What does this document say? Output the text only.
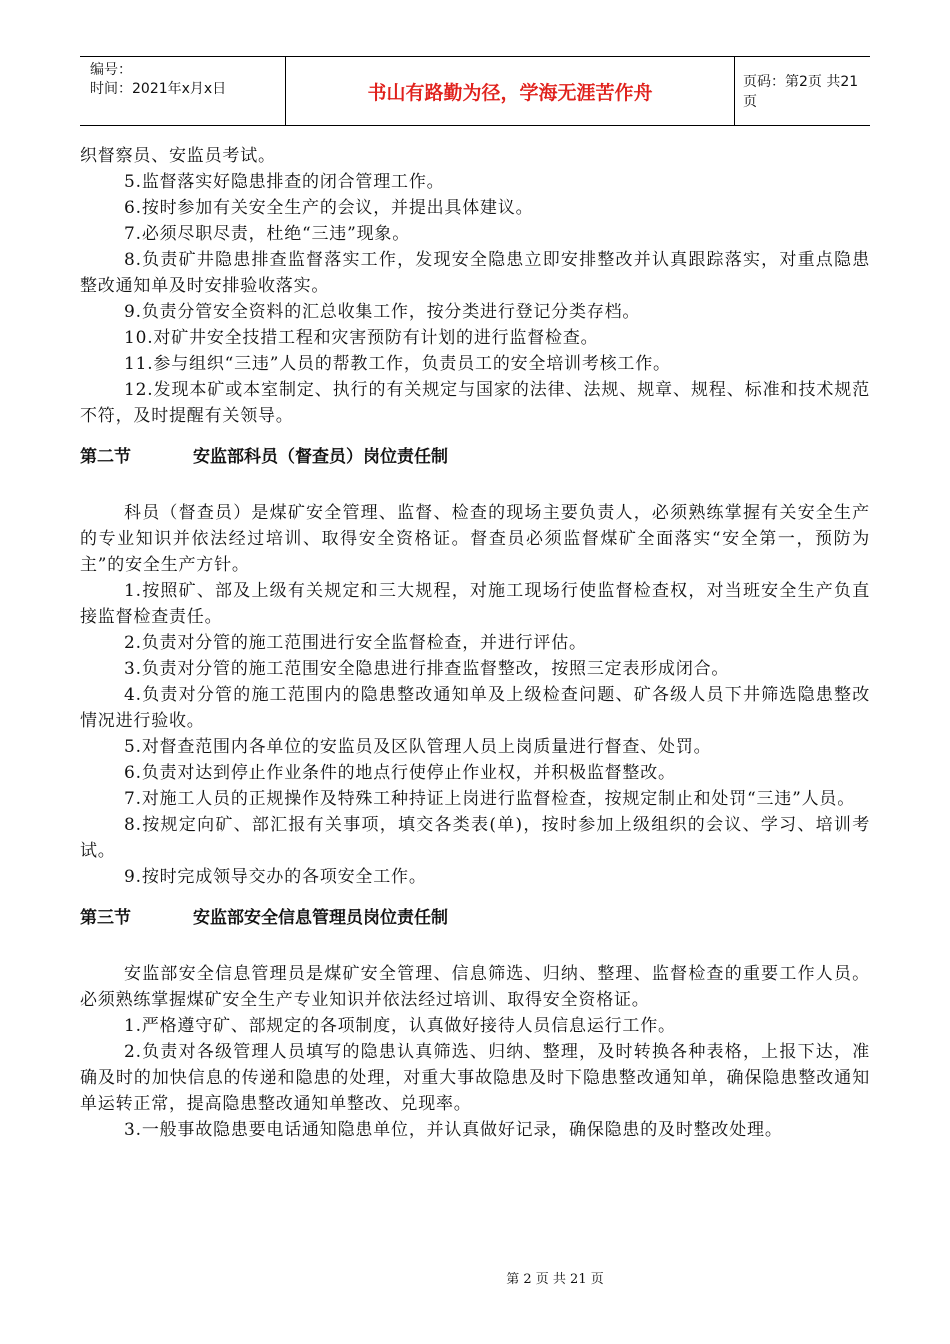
编号：
时间：2021年x月x日	书山有路勤为径，学海无涯苦作舟	页码：第2页 共21页

织督察员、安监员考试。

5.监督落实好隐患排查的闭合管理工作。

6.按时参加有关安全生产的会议，并提出具体建议。

7.必须尽职尽责，杜绝“三违”现象。

8.负责矿井隐患排查监督落实工作，发现安全隐患立即安排整改并认真跟踪落实，对重点隐患整改通知单及时安排验收落实。

9.负责分管安全资料的汇总收集工作，按分类进行登记分类存档。

10.对矿井安全技措工程和灾害预防有计划的进行监督检查。

11.参与组织“三违”人员的帮教工作，负责员工的安全培训考核工作。

12.发现本矿或本室制定、执行的有关规定与国家的法律、法规、规章、规程、标准和技术规范不符，及时提醒有关领导。

第二节	安监部科员（督查员）岗位责任制

科员（督查员）是煤矿安全管理、监督、检查的现场主要负责人，必须熟练掌握有关安全生产的专业知识并依法经过培训、取得安全资格证。督查员必须监督煤矿全面落实“安全第一，预防为主”的安全生产方针。

1.按照矿、部及上级有关规定和三大规程，对施工现场行使监督检查权，对当班安全生产负直接监督检查责任。

2.负责对分管的施工范围进行安全监督检查，并进行评估。

3.负责对分管的施工范围安全隐患进行排查监督整改，按照三定表形成闭合。

4.负责对分管的施工范围内的隐患整改通知单及上级检查问题、矿各级人员下井筛选隐患整改情况进行验收。

5.对督查范围内各单位的安监员及区队管理人员上岗质量进行督查、处罚。

6.负责对达到停止作业条件的地点行使停止作业权，并积极监督整改。

7.对施工人员的正规操作及特殊工种持证上岗进行监督检查，按规定制止和处罚“三违”人员。

8.按规定向矿、部汇报有关事项，填交各类表(单)，按时参加上级组织的会议、学习、培训考试。

9.按时完成领导交办的各项安全工作。

第三节	安监部安全信息管理员岗位责任制

安监部安全信息管理员是煤矿安全管理、信息筛选、归纳、整理、监督检查的重要工作人员。必须熟练掌握煤矿安全生产专业知识并依法经过培训、取得安全资格证。

1.严格遵守矿、部规定的各项制度，认真做好接待人员信息运行工作。

2.负责对各级管理人员填写的隐患认真筛选、归纳、整理，及时转换各种表格，上报下达，准确及时的加快信息的传递和隐患的处理，对重大事故隐患及时下隐患整改通知单，确保隐患整改通知单运转正常，提高隐患整改通知单整改、兑现率。

3.一般事故隐患要电话通知隐患单位，并认真做好记录，确保隐患的及时整改处理。

第 2 页 共 21 页
